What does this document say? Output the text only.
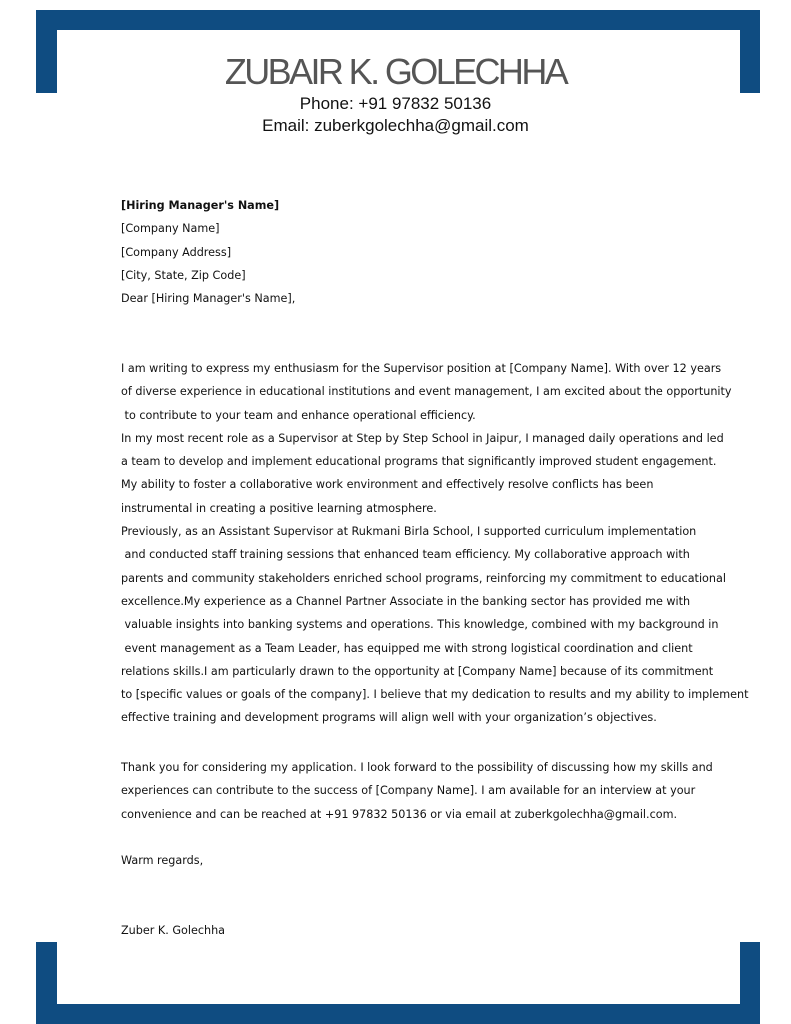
ZUBAIR K. GOLECHHA
Phone: +91 97832 50136
Email: zuberkgolechha@gmail.com
[Hiring Manager's Name]
[Company Name]
[Company Address]
[City, State, Zip Code]
Dear [Hiring Manager's Name],
I am writing to express my enthusiasm for the Supervisor position at [Company Name]. With over 12 years
of diverse experience in educational institutions and event management, I am excited about the opportunity
to contribute to your team and enhance operational efficiency.
In my most recent role as a Supervisor at Step by Step School in Jaipur, I managed daily operations and led
a team to develop and implement educational programs that significantly improved student engagement.
My ability to foster a collaborative work environment and effectively resolve conflicts has been
instrumental in creating a positive learning atmosphere.
Previously, as an Assistant Supervisor at Rukmani Birla School, I supported curriculum implementation
and conducted staff training sessions that enhanced team efficiency. My collaborative approach with
parents and community stakeholders enriched school programs, reinforcing my commitment to educational
excellence.My experience as a Channel Partner Associate in the banking sector has provided me with
valuable insights into banking systems and operations. This knowledge, combined with my background in
event management as a Team Leader, has equipped me with strong logistical coordination and client
relations skills.I am particularly drawn to the opportunity at [Company Name] because of its commitment
to [specific values or goals of the company]. I believe that my dedication to results and my ability to implement
effective training and development programs will align well with your organization’s objectives.
Thank you for considering my application. I look forward to the possibility of discussing how my skills and
experiences can contribute to the success of [Company Name]. I am available for an interview at your
convenience and can be reached at +91 97832 50136 or via email at zuberkgolechha@gmail.com.
Warm regards,
Zuber K. Golechha
